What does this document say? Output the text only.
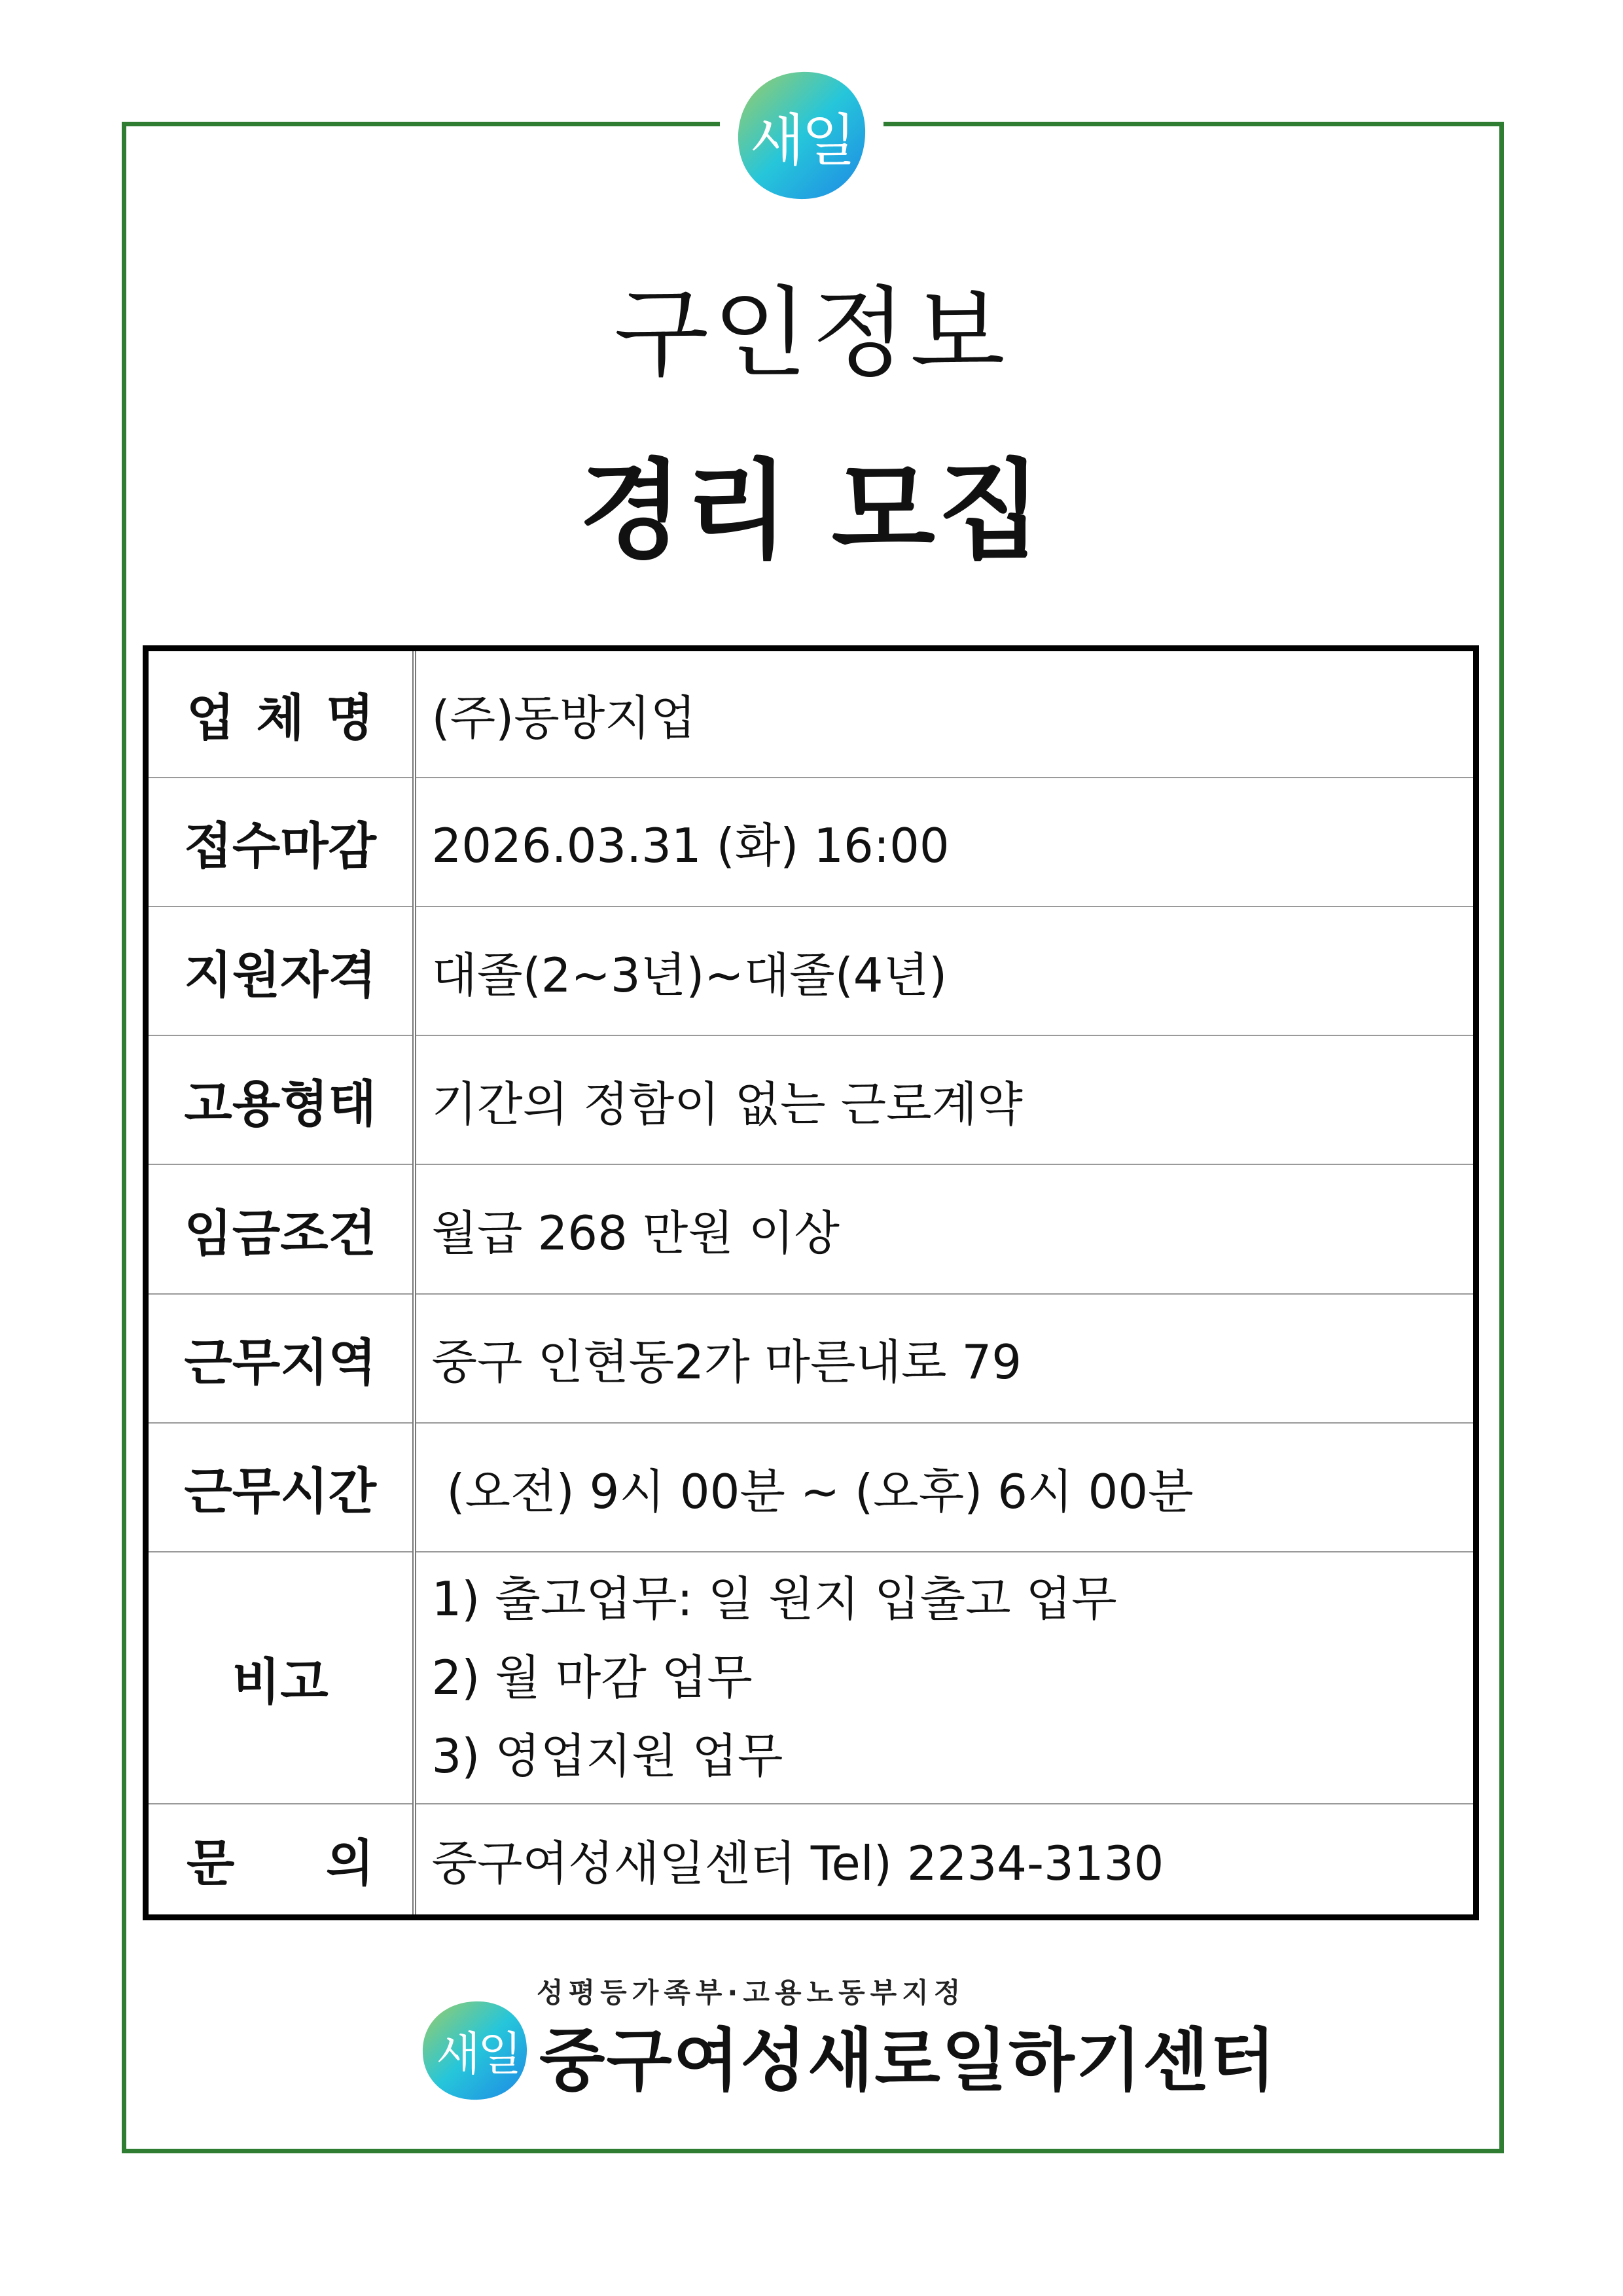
새일
구인정보
경리 모집
업 체 명	(주)동방지업
접수마감	2026.03.31 (화) 16:00
지원자격	대졸(2~3년)~대졸(4년)
고용형태	기간의 정함이 없는 근로계약
임금조건	월급 268 만원 이상
근무지역	중구 인현동2가 마른내로 79
근무시간	(오전) 9시 00분 ~ (오후) 6시 00분
비고	1) 출고업무: 일 원지 입출고 업무
2) 월 마감 업무
3) 영업지원 업무

문 의	중구여성새일센터 Tel) 2234-3130
성평등가족부·고용노동부지정
새일 중구여성새로일하기센터
